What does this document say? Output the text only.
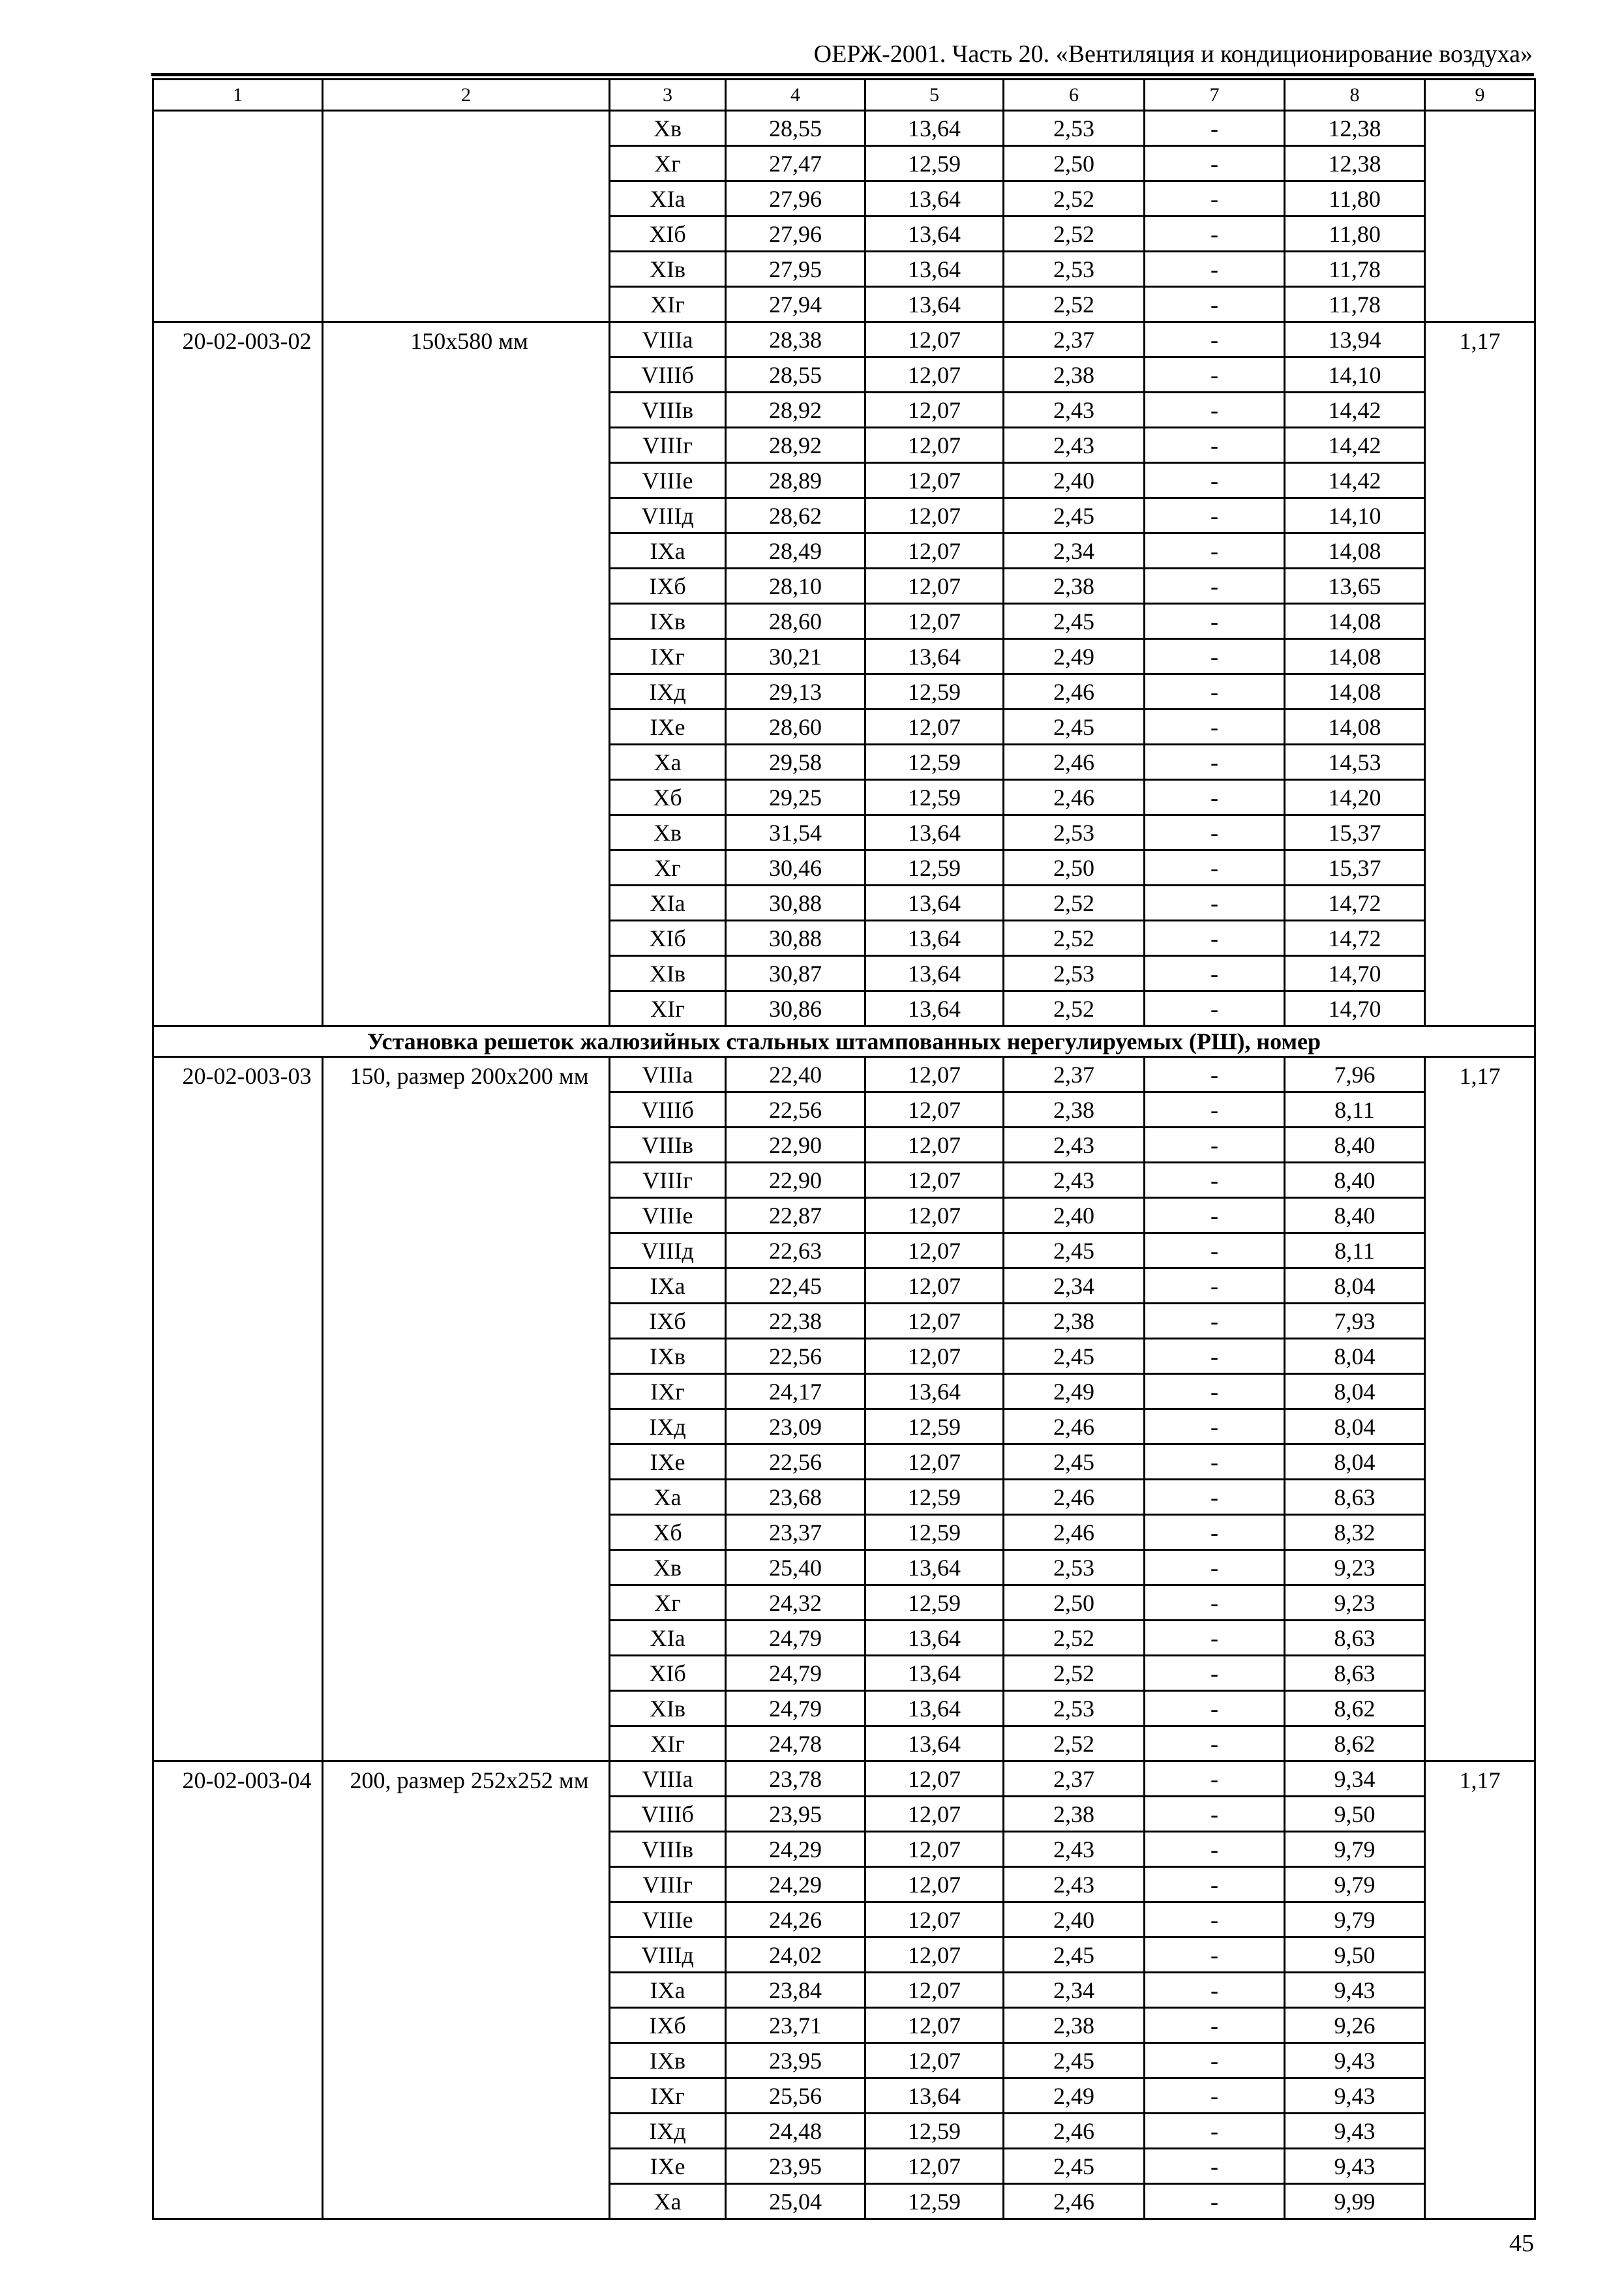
ОЕРЖ-2001. Часть 20. «Вентиляция и кондиционирование воздуха»
1	2	3	4	5	6	7	8	9
		Хв	28,55	13,64	2,53	-	12,38	
		Хг	27,47	12,59	2,50	-	12,38	
		ХIа	27,96	13,64	2,52	-	11,80	
		ХIб	27,96	13,64	2,52	-	11,80	
		ХIв	27,95	13,64	2,53	-	11,78	
		ХIг	27,94	13,64	2,52	-	11,78	
20-02-003-02	150х580 мм	VIIIа	28,38	12,07	2,37	-	13,94	1,17
		VIIIб	28,55	12,07	2,38	-	14,10	
		VIIIв	28,92	12,07	2,43	-	14,42	
		VIIIг	28,92	12,07	2,43	-	14,42	
		VIIIе	28,89	12,07	2,40	-	14,42	
		VIIIд	28,62	12,07	2,45	-	14,10	
		IХа	28,49	12,07	2,34	-	14,08	
		IХб	28,10	12,07	2,38	-	13,65	
		IХв	28,60	12,07	2,45	-	14,08	
		IХг	30,21	13,64	2,49	-	14,08	
		IХд	29,13	12,59	2,46	-	14,08	
		IХе	28,60	12,07	2,45	-	14,08	
		Ха	29,58	12,59	2,46	-	14,53	
		Хб	29,25	12,59	2,46	-	14,20	
		Хв	31,54	13,64	2,53	-	15,37	
		Хг	30,46	12,59	2,50	-	15,37	
		ХIа	30,88	13,64	2,52	-	14,72	
		ХIб	30,88	13,64	2,52	-	14,72	
		ХIв	30,87	13,64	2,53	-	14,70	
		ХIг	30,86	13,64	2,52	-	14,70	
Установка решеток жалюзийных стальных штампованных нерегулируемых (РШ), номер								
20-02-003-03	150, размер 200х200 мм	VIIIа	22,40	12,07	2,37	-	7,96	1,17
		VIIIб	22,56	12,07	2,38	-	8,11	
		VIIIв	22,90	12,07	2,43	-	8,40	
		VIIIг	22,90	12,07	2,43	-	8,40	
		VIIIе	22,87	12,07	2,40	-	8,40	
		VIIIд	22,63	12,07	2,45	-	8,11	
		IХа	22,45	12,07	2,34	-	8,04	
		IХб	22,38	12,07	2,38	-	7,93	
		IХв	22,56	12,07	2,45	-	8,04	
		IХг	24,17	13,64	2,49	-	8,04	
		IХд	23,09	12,59	2,46	-	8,04	
		IХе	22,56	12,07	2,45	-	8,04	
		Ха	23,68	12,59	2,46	-	8,63	
		Хб	23,37	12,59	2,46	-	8,32	
		Хв	25,40	13,64	2,53	-	9,23	
		Хг	24,32	12,59	2,50	-	9,23	
		ХIа	24,79	13,64	2,52	-	8,63	
		ХIб	24,79	13,64	2,52	-	8,63	
		ХIв	24,79	13,64	2,53	-	8,62	
		ХIг	24,78	13,64	2,52	-	8,62	
20-02-003-04	200, размер 252х252 мм	VIIIа	23,78	12,07	2,37	-	9,34	1,17
		VIIIб	23,95	12,07	2,38	-	9,50	
		VIIIв	24,29	12,07	2,43	-	9,79	
		VIIIг	24,29	12,07	2,43	-	9,79	
		VIIIе	24,26	12,07	2,40	-	9,79	
		VIIIд	24,02	12,07	2,45	-	9,50	
		IХа	23,84	12,07	2,34	-	9,43	
		IХб	23,71	12,07	2,38	-	9,26	
		IХв	23,95	12,07	2,45	-	9,43	
		IХг	25,56	13,64	2,49	-	9,43	
		IХд	24,48	12,59	2,46	-	9,43	
		IХе	23,95	12,07	2,45	-	9,43	
		Ха	25,04	12,59	2,46	-	9,99	
45
